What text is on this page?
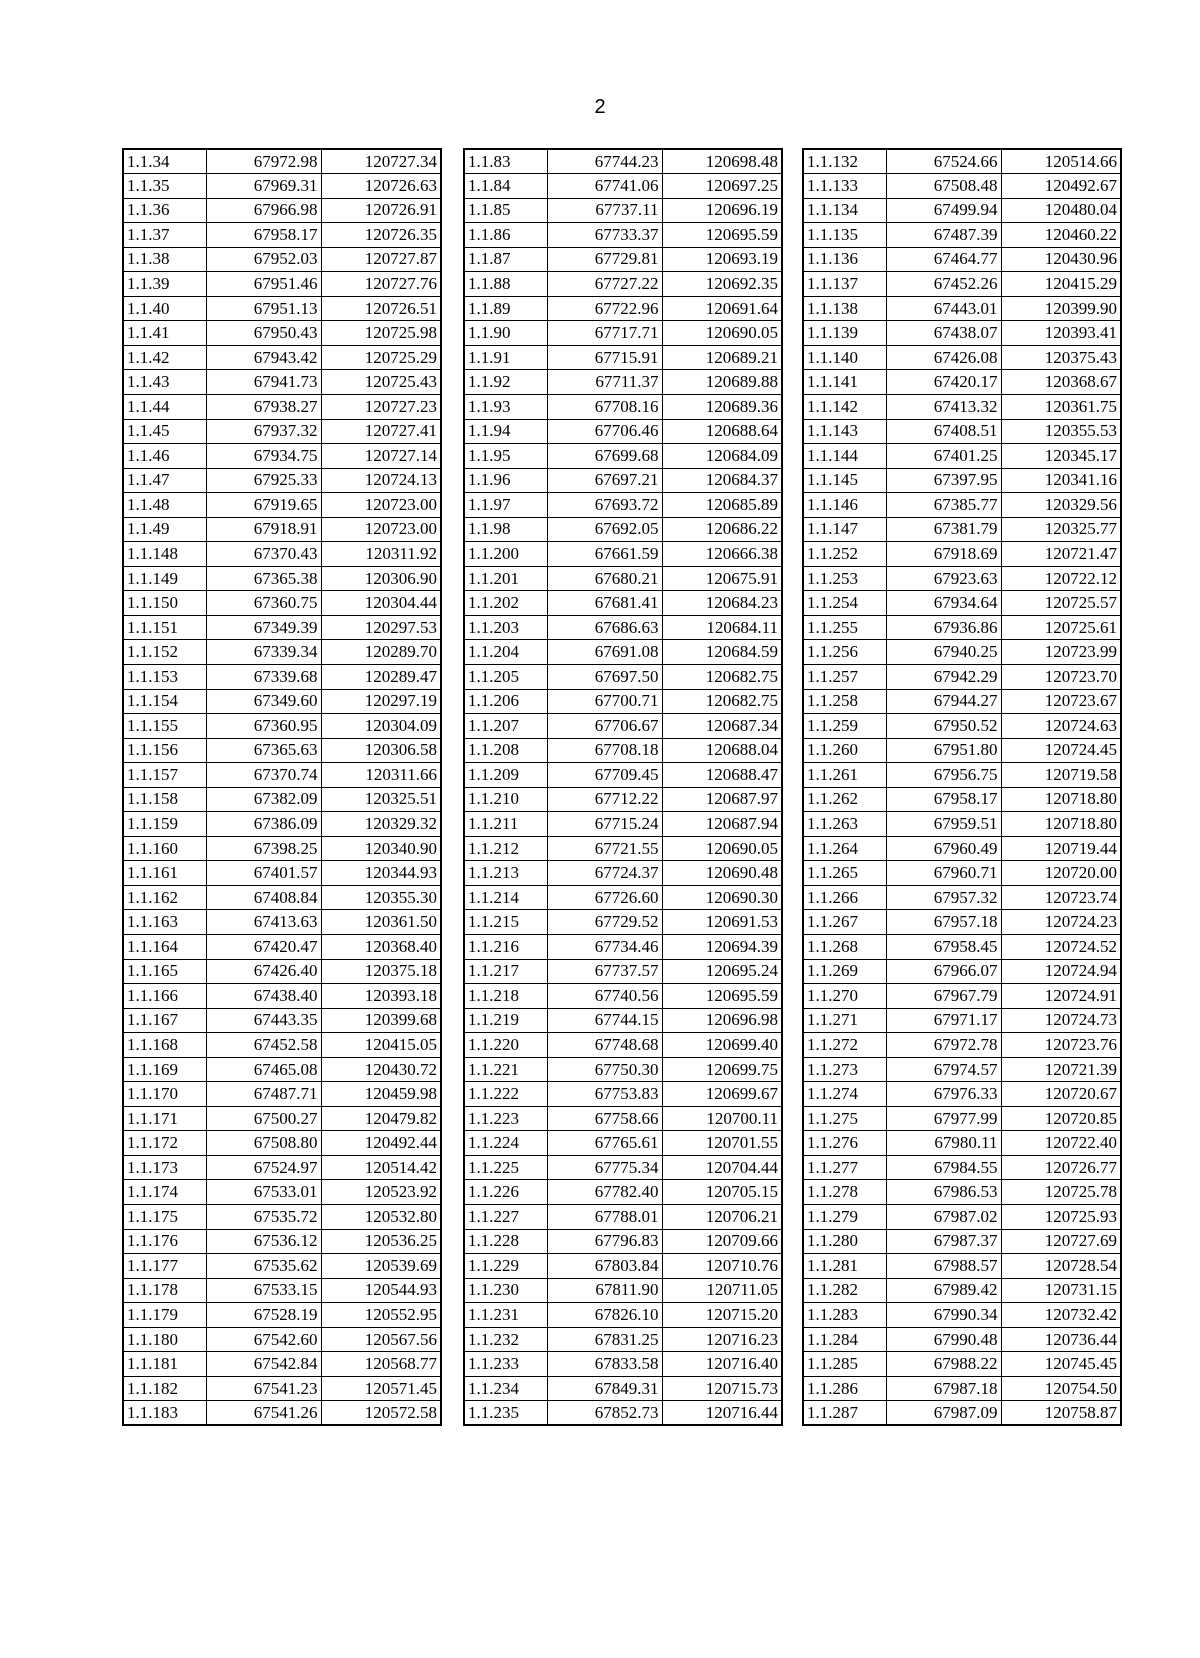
2
1.1.34	67972.98	120727.34
1.1.35	67969.31	120726.63
1.1.36	67966.98	120726.91
1.1.37	67958.17	120726.35
1.1.38	67952.03	120727.87
1.1.39	67951.46	120727.76
1.1.40	67951.13	120726.51
1.1.41	67950.43	120725.98
1.1.42	67943.42	120725.29
1.1.43	67941.73	120725.43
1.1.44	67938.27	120727.23
1.1.45	67937.32	120727.41
1.1.46	67934.75	120727.14
1.1.47	67925.33	120724.13
1.1.48	67919.65	120723.00
1.1.49	67918.91	120723.00
1.1.148	67370.43	120311.92
1.1.149	67365.38	120306.90
1.1.150	67360.75	120304.44
1.1.151	67349.39	120297.53
1.1.152	67339.34	120289.70
1.1.153	67339.68	120289.47
1.1.154	67349.60	120297.19
1.1.155	67360.95	120304.09
1.1.156	67365.63	120306.58
1.1.157	67370.74	120311.66
1.1.158	67382.09	120325.51
1.1.159	67386.09	120329.32
1.1.160	67398.25	120340.90
1.1.161	67401.57	120344.93
1.1.162	67408.84	120355.30
1.1.163	67413.63	120361.50
1.1.164	67420.47	120368.40
1.1.165	67426.40	120375.18
1.1.166	67438.40	120393.18
1.1.167	67443.35	120399.68
1.1.168	67452.58	120415.05
1.1.169	67465.08	120430.72
1.1.170	67487.71	120459.98
1.1.171	67500.27	120479.82
1.1.172	67508.80	120492.44
1.1.173	67524.97	120514.42
1.1.174	67533.01	120523.92
1.1.175	67535.72	120532.80
1.1.176	67536.12	120536.25
1.1.177	67535.62	120539.69
1.1.178	67533.15	120544.93
1.1.179	67528.19	120552.95
1.1.180	67542.60	120567.56
1.1.181	67542.84	120568.77
1.1.182	67541.23	120571.45
1.1.183	67541.26	120572.58
1.1.83	67744.23	120698.48
1.1.84	67741.06	120697.25
1.1.85	67737.11	120696.19
1.1.86	67733.37	120695.59
1.1.87	67729.81	120693.19
1.1.88	67727.22	120692.35
1.1.89	67722.96	120691.64
1.1.90	67717.71	120690.05
1.1.91	67715.91	120689.21
1.1.92	67711.37	120689.88
1.1.93	67708.16	120689.36
1.1.94	67706.46	120688.64
1.1.95	67699.68	120684.09
1.1.96	67697.21	120684.37
1.1.97	67693.72	120685.89
1.1.98	67692.05	120686.22
1.1.200	67661.59	120666.38
1.1.201	67680.21	120675.91
1.1.202	67681.41	120684.23
1.1.203	67686.63	120684.11
1.1.204	67691.08	120684.59
1.1.205	67697.50	120682.75
1.1.206	67700.71	120682.75
1.1.207	67706.67	120687.34
1.1.208	67708.18	120688.04
1.1.209	67709.45	120688.47
1.1.210	67712.22	120687.97
1.1.211	67715.24	120687.94
1.1.212	67721.55	120690.05
1.1.213	67724.37	120690.48
1.1.214	67726.60	120690.30
1.1.215	67729.52	120691.53
1.1.216	67734.46	120694.39
1.1.217	67737.57	120695.24
1.1.218	67740.56	120695.59
1.1.219	67744.15	120696.98
1.1.220	67748.68	120699.40
1.1.221	67750.30	120699.75
1.1.222	67753.83	120699.67
1.1.223	67758.66	120700.11
1.1.224	67765.61	120701.55
1.1.225	67775.34	120704.44
1.1.226	67782.40	120705.15
1.1.227	67788.01	120706.21
1.1.228	67796.83	120709.66
1.1.229	67803.84	120710.76
1.1.230	67811.90	120711.05
1.1.231	67826.10	120715.20
1.1.232	67831.25	120716.23
1.1.233	67833.58	120716.40
1.1.234	67849.31	120715.73
1.1.235	67852.73	120716.44
1.1.132	67524.66	120514.66
1.1.133	67508.48	120492.67
1.1.134	67499.94	120480.04
1.1.135	67487.39	120460.22
1.1.136	67464.77	120430.96
1.1.137	67452.26	120415.29
1.1.138	67443.01	120399.90
1.1.139	67438.07	120393.41
1.1.140	67426.08	120375.43
1.1.141	67420.17	120368.67
1.1.142	67413.32	120361.75
1.1.143	67408.51	120355.53
1.1.144	67401.25	120345.17
1.1.145	67397.95	120341.16
1.1.146	67385.77	120329.56
1.1.147	67381.79	120325.77
1.1.252	67918.69	120721.47
1.1.253	67923.63	120722.12
1.1.254	67934.64	120725.57
1.1.255	67936.86	120725.61
1.1.256	67940.25	120723.99
1.1.257	67942.29	120723.70
1.1.258	67944.27	120723.67
1.1.259	67950.52	120724.63
1.1.260	67951.80	120724.45
1.1.261	67956.75	120719.58
1.1.262	67958.17	120718.80
1.1.263	67959.51	120718.80
1.1.264	67960.49	120719.44
1.1.265	67960.71	120720.00
1.1.266	67957.32	120723.74
1.1.267	67957.18	120724.23
1.1.268	67958.45	120724.52
1.1.269	67966.07	120724.94
1.1.270	67967.79	120724.91
1.1.271	67971.17	120724.73
1.1.272	67972.78	120723.76
1.1.273	67974.57	120721.39
1.1.274	67976.33	120720.67
1.1.275	67977.99	120720.85
1.1.276	67980.11	120722.40
1.1.277	67984.55	120726.77
1.1.278	67986.53	120725.78
1.1.279	67987.02	120725.93
1.1.280	67987.37	120727.69
1.1.281	67988.57	120728.54
1.1.282	67989.42	120731.15
1.1.283	67990.34	120732.42
1.1.284	67990.48	120736.44
1.1.285	67988.22	120745.45
1.1.286	67987.18	120754.50
1.1.287	67987.09	120758.87
